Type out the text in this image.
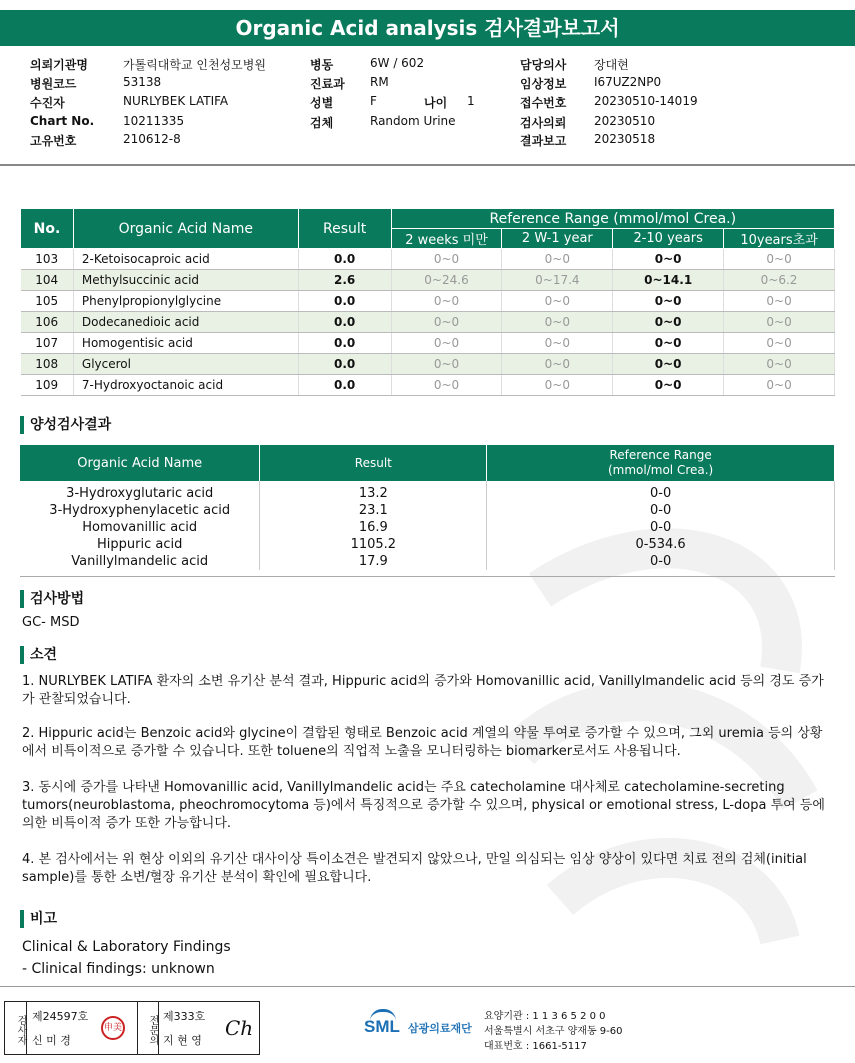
Organic Acid analysis 검사결과보고서
의뢰기관명	가톨릭대학교 인천성모병원	병동	6W / 602	담당의사 장대현
병원코드	53138	진료과 RM	임상정보 I67UZ2NP0
수진자	NURLYBEK LATIFA	성별	F	나이 1	접수번호 20230510-14019
Chart No. 10211335	검체	Random Urine	검사의뢰 20230510
고유번호	210612-8	결과보고 20230518
No.	Organic Acid Name	Result	Reference Range (mmol/mol Crea.)			
			2 weeks 미만	2 W-1 year	2-10 years	10years초과
103	2-Ketoisocaproic acid	0.0	0~0	0~0	0~0	0~0
104	Methylsuccinic acid	2.6	0~24.6	0~17.4	0~14.1	0~6.2
105	Phenylpropionylglycine	0.0	0~0	0~0	0~0	0~0
106	Dodecanedioic acid	0.0	0~0	0~0	0~0	0~0
107	Homogentisic acid	0.0	0~0	0~0	0~0	0~0
108	Glycerol	0.0	0~0	0~0	0~0	0~0
109	7-Hydroxyoctanoic acid	0.0	0~0	0~0	0~0	0~0
양성검사결과
Organic Acid Name	Result	Reference Range
(mmol/mol Crea.)
3-Hydroxyglutaric acid	13.2	0-0
3-Hydroxyphenylacetic acid	23.1	0-0
Homovanillic acid	16.9	0-0
Hippuric acid	1105.2	0-534.6
Vanillylmandelic acid	17.9	0-0
검사방법
GC- MSD
소견
1. NURLYBEK LATIFA 환자의 소변 유기산 분석 결과, Hippuric acid의 증가와 Homovanillic acid, Vanillylmandelic acid 등의 경도 증가가 관찰되었습니다.
2. Hippuric acid는 Benzoic acid와 glycine이 결합된 형태로 Benzoic acid 계열의 약물 투여로 증가할 수 있으며, 그외 uremia 등의 상황에서 비특이적으로 증가할 수 있습니다. 또한 toluene의 직업적 노출을 모니터링하는 biomarker로서도 사용됩니다.
3. 동시에 증가를 나타낸 Homovanillic acid, Vanillylmandelic acid는 주요 catecholamine 대사체로 catecholamine-secreting tumors(neuroblastoma, pheochromocytoma 등)에서 특징적으로 증가할 수 있으며, physical or emotional stress, L-dopa 투여 등에 의한 비특이적 증가 또한 가능합니다.
4. 본 검사에서는 위 현상 이외의 유기산 대사이상 특이소견은 발견되지 않았으나, 만일 의심되는 임상 양상이 있다면 치료 전의 검체(initial sample)를 통한 소변/혈장 유기산 분석이 확인에 필요합니다.
비고
Clinical & Laboratory Findings
- Clinical findings: unknown
검사자 제24597호
신 미 경
申美	전문의 제333호
지 현 영
Ch	SML 삼광의료재단
요양기관 : 1 1 3 6 5 2 0 0
서울특별시 서초구 양재동 9-60
대표번호 : 1661-5117
